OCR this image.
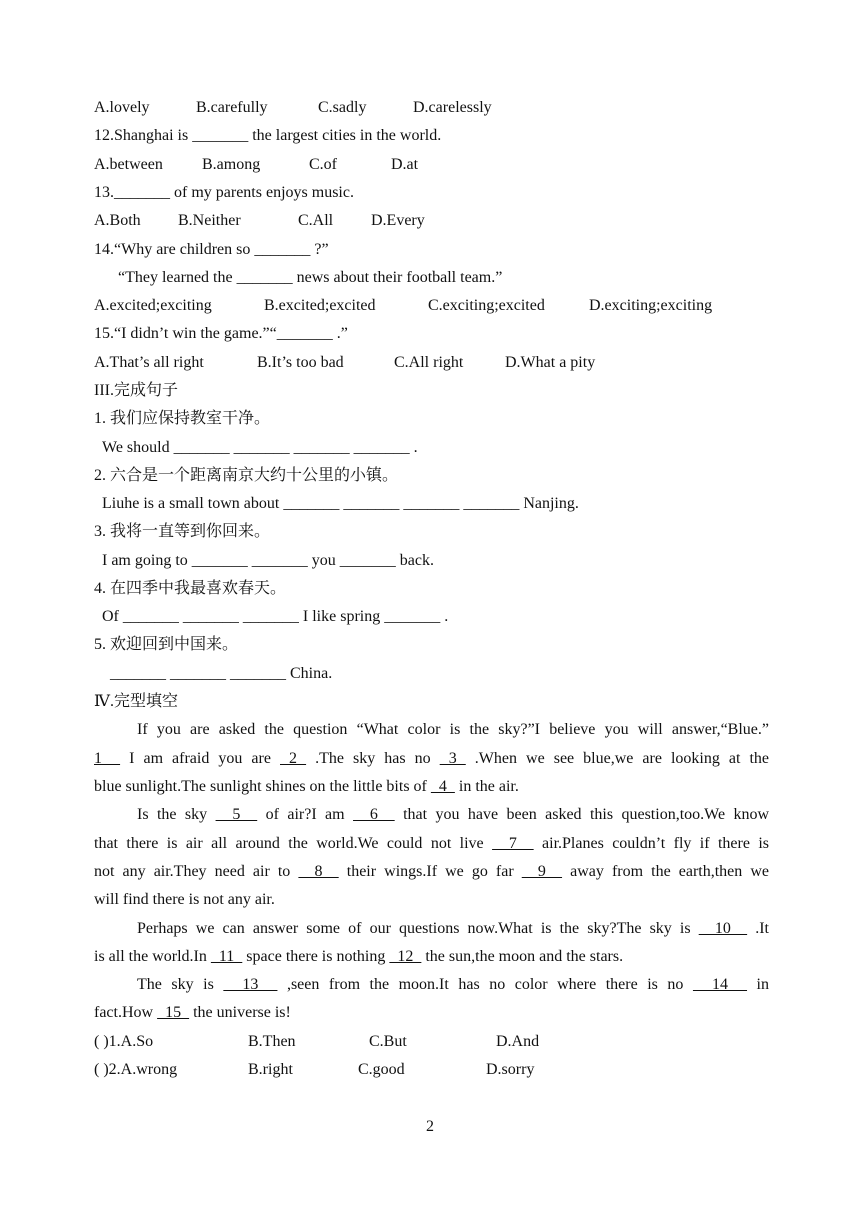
A.lovely	B.carefully	C.sadly	D.carelessly
12.Shanghai is _______ the largest cities in the world.
A.between B.among	C.of	D.at
13._______ of my parents enjoys music.
A.Both B.Neither	C.All D.Every
14.“Why are children so _______ ?”
“They learned the _______ news about their football team.”
A.excited;exciting	B.excited;excited	C.exciting;excited	D.exciting;exciting
15.“I didn’t win the game.”“_______ .”
A.That’s all right	B.It’s too bad	C.All right	D.What a pity
III.完成句子
1. 我们应保持教室干净。
We should _______ _______ _______ _______ .
2. 六合是一个距离南京大约十公里的小镇。
Liuhe is a small town about _______ _______ _______ _______ Nanjing.
3. 我将一直等到你回来。
I am going to _______ _______ you _______ back.
4. 在四季中我最喜欢春天。
Of _______ _______ _______ I like spring _______ .
5. 欢迎回到中国来。
_______ _______ _______ China.
Ⅳ.完型填空
If you are asked the question “What color is the sky?”I believe you will answer,“Blue.”
1   I am afraid you are  2  .The sky has no  3  .When we see blue,we are looking at the
blue sunlight.The sunlight shines on the little bits of   4   in the air.
Is the sky   5   of air?I am   6   that you have been asked this question,too.We know
that there is air all around the world.We could not live   7   air.Planes couldn’t fly if there is
not any air.They need air to   8   their wings.If we go far   9   away from the earth,then we
will find there is not any air.
Perhaps we can answer some of our questions now.What is the sky?The sky is   10   .It
is all the world.In   11   space there is nothing   12   the sun,the moon and the stars.
The sky is   13   ,seen from the moon.It has no color where there is no   14   in
fact.How   15   the universe is!
( )1.A.So	B.Then	C.But	D.And
( )2.A.wrong	B.right	C.good	D.sorry
2
